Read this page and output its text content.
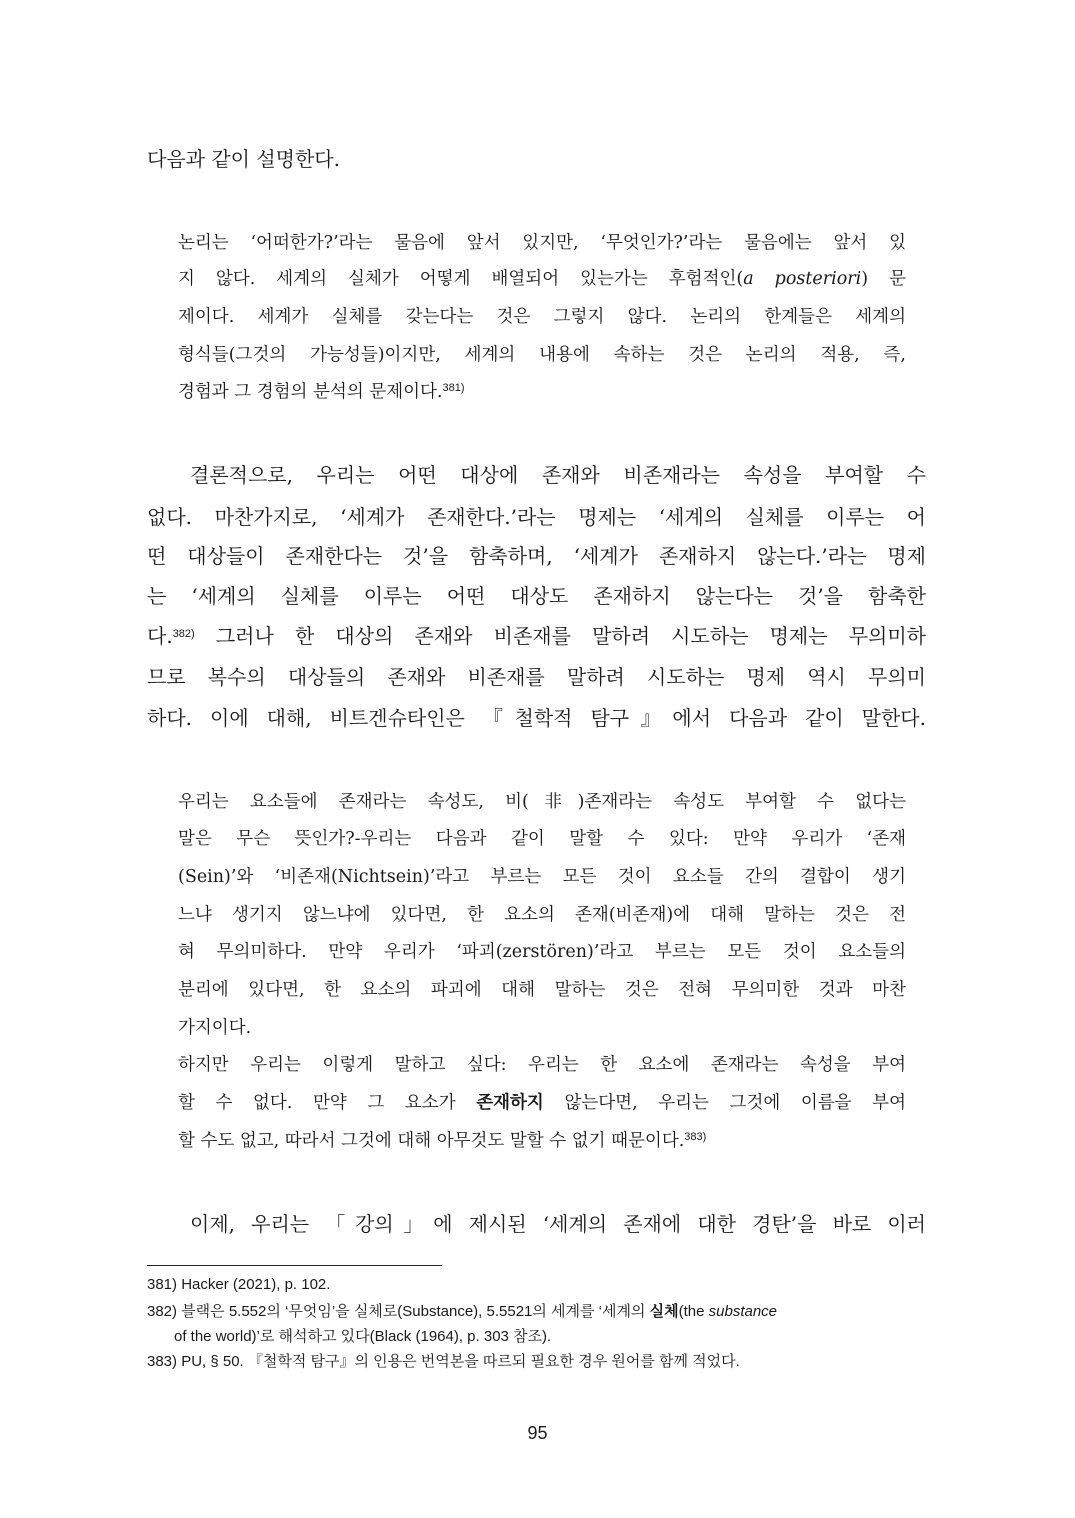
다음과 같이 설명한다.
논리는 ‘어떠한가?’라는 물음에 앞서 있지만, ‘무엇인가?’라는 물음에는 앞서 있
지 않다. 세계의 실체가 어떻게 배열되어 있는가는 후험적인(a posteriori) 문
제이다. 세계가 실체를 갖는다는 것은 그렇지 않다. 논리의 한계들은 세계의
형식들(그것의 가능성들)이지만, 세계의 내용에 속하는 것은 논리의 적용, 즉,
경험과 그 경험의 분석의 문제이다.$^{381)}$
결론적으로, 우리는 어떤 대상에 존재와 비존재라는 속성을 부여할 수
없다. 마찬가지로, ‘세계가 존재한다.’라는 명제는 ‘세계의 실체를 이루는 어
떤 대상들이 존재한다는 것’을 함축하며, ‘세계가 존재하지 않는다.’라는 명제
는 ‘세계의 실체를 이루는 어떤 대상도 존재하지 않는다는 것’을 함축한
다.$^{382)}$ 그러나 한 대상의 존재와 비존재를 말하려 시도하는 명제는 무의미하
므로 복수의 대상들의 존재와 비존재를 말하려 시도하는 명제 역시 무의미
하다. 이에 대해, 비트겐슈타인은 『철학적 탐구』에서 다음과 같이 말한다.
우리는 요소들에 존재라는 속성도, 비(非)존재라는 속성도 부여할 수 없다는
말은 무슨 뜻인가?-우리는 다음과 같이 말할 수 있다: 만약 우리가 ‘존재
(Sein)’와 ‘비존재(Nichtsein)’라고 부르는 모든 것이 요소들 간의 결합이 생기
느냐 생기지 않느냐에 있다면, 한 요소의 존재(비존재)에 대해 말하는 것은 전
혀 무의미하다. 만약 우리가 ‘파괴(zerstören)’라고 부르는 모든 것이 요소들의
분리에 있다면, 한 요소의 파괴에 대해 말하는 것은 전혀 무의미한 것과 마찬
가지이다.
하지만 우리는 이렇게 말하고 싶다: 우리는 한 요소에 존재라는 속성을 부여
할 수 없다. 만약 그 요소가 존재하지 않는다면, 우리는 그것에 이름을 부여
할 수도 없고, 따라서 그것에 대해 아무것도 말할 수 없기 때문이다.$^{383)}$
이제, 우리는 「강의」에 제시된 ‘세계의 존재에 대한 경탄’을 바로 이러
381) Hacker (2021), p. 102.
382) 블랙은 5.552의 ‘무엇임’을 실체로(Substance), 5.5521의 세계를 ‘세계의 실체(the substance
of the world)’로 해석하고 있다(Black (1964), p. 303 참조).
383) PU, § 50. 『철학적 탐구』의 인용은 번역본을 따르되 필요한 경우 원어를 함께 적었다.
95
